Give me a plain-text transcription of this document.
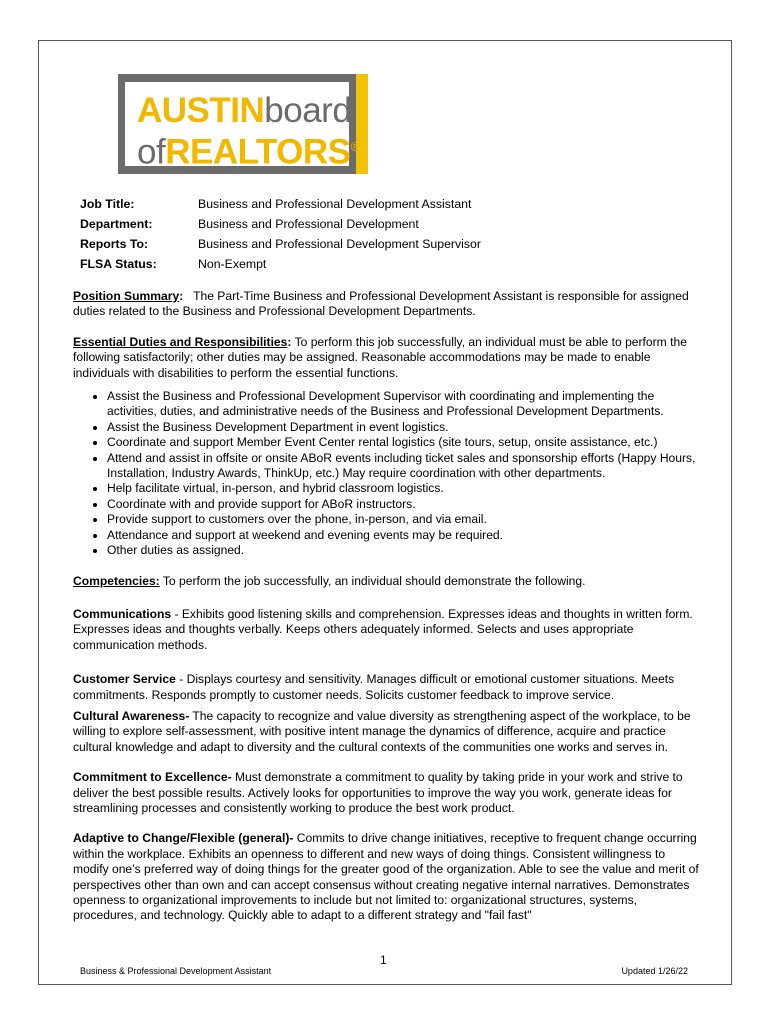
AUSTINboard
ofREALTORS®
Job Title:	Business and Professional Development Assistant
Department:	Business and Professional Development
Reports To:	Business and Professional Development Supervisor
FLSA Status:	Non-Exempt

Position Summary: The Part-Time Business and Professional Development Assistant is responsible for assigned duties related to the Business and Professional Development Departments.

Essential Duties and Responsibilities: To perform this job successfully, an individual must be able to perform the following satisfactorily; other duties may be assigned. Reasonable accommodations may be made to enable individuals with disabilities to perform the essential functions.

• Assist the Business and Professional Development Supervisor with coordinating and implementing the activities, duties, and administrative needs of the Business and Professional Development Departments.
• Assist the Business Development Department in event logistics.
• Coordinate and support Member Event Center rental logistics (site tours, setup, onsite assistance, etc.)
• Attend and assist in offsite or onsite ABoR events including ticket sales and sponsorship efforts (Happy Hours, Installation, Industry Awards, ThinkUp, etc.) May require coordination with other departments.
• Help facilitate virtual, in-person, and hybrid classroom logistics.
• Coordinate with and provide support for ABoR instructors.
• Provide support to customers over the phone, in-person, and via email.
• Attendance and support at weekend and evening events may be required.
• Other duties as assigned.

Competencies: To perform the job successfully, an individual should demonstrate the following.

Communications - Exhibits good listening skills and comprehension. Expresses ideas and thoughts in written form. Expresses ideas and thoughts verbally. Keeps others adequately informed. Selects and uses appropriate communication methods.

Customer Service - Displays courtesy and sensitivity. Manages difficult or emotional customer situations. Meets commitments. Responds promptly to customer needs. Solicits customer feedback to improve service.

Cultural Awareness- The capacity to recognize and value diversity as strengthening aspect of the workplace, to be willing to explore self-assessment, with positive intent manage the dynamics of difference, acquire and practice cultural knowledge and adapt to diversity and the cultural contexts of the communities one works and serves in.

Commitment to Excellence- Must demonstrate a commitment to quality by taking pride in your work and strive to deliver the best possible results. Actively looks for opportunities to improve the way you work, generate ideas for streamlining processes and consistently working to produce the best work product.

Adaptive to Change/Flexible (general)- Commits to drive change initiatives, receptive to frequent change occurring within the workplace. Exhibits an openness to different and new ways of doing things. Consistent willingness to modify one’s preferred way of doing things for the greater good of the organization. Able to see the value and merit of perspectives other than own and can accept consensus without creating negative internal narratives. Demonstrates openness to organizational improvements to include but not limited to: organizational structures, systems, procedures, and technology. Quickly able to adapt to a different strategy and "fail fast"

1
Business & Professional Development Assistant	Updated 1/26/22
